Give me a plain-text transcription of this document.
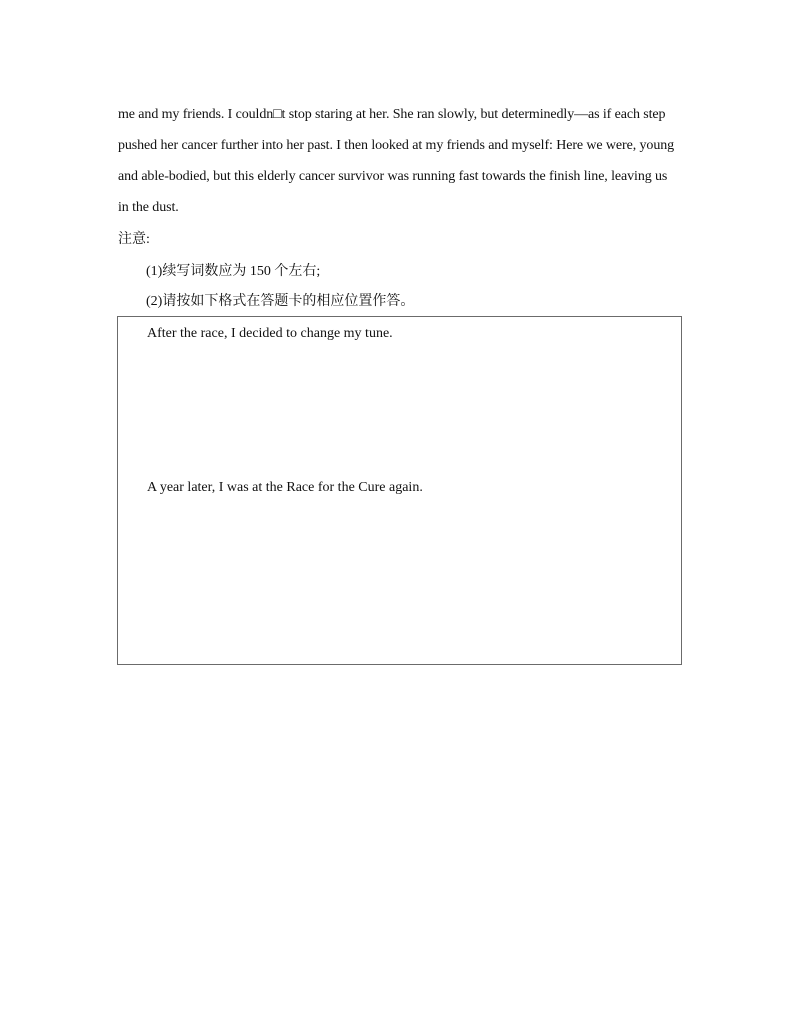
me and my friends. I couldn□t stop staring at her. She ran slowly, but determinedly—as if each step
pushed her cancer further into her past. I then looked at my friends and myself: Here we were, young
and able-bodied, but this elderly cancer survivor was running fast towards the finish line, leaving us
in the dust.
注意:
(1)续写词数应为 150 个左右;
(2)请按如下格式在答题卡的相应位置作答。
After the race, I decided to change my tune.
A year later, I was at the Race for the Cure again.
